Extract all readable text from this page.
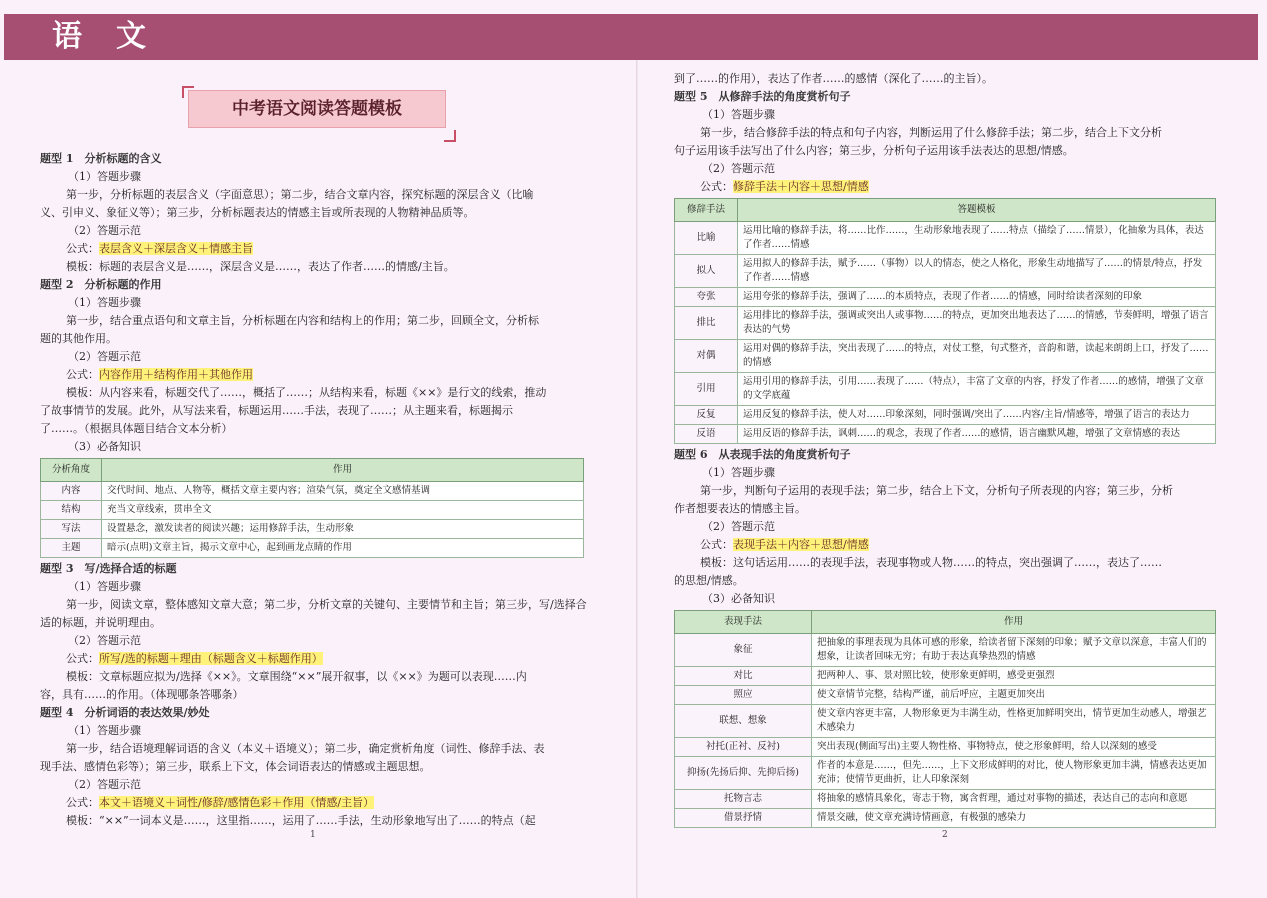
语文
中考语文阅读答题模板

题型 1　分析标题的含义

（1）答题步骤

第一步，分析标题的表层含义（字面意思）；第二步，结合文章内容，探究标题的深层含义（比喻

义、引申义、象征义等）；第三步，分析标题表达的情感主旨或所表现的人物精神品质等。

（2）答题示范

公式：表层含义＋深层含义＋情感主旨

模板：标题的表层含义是……，深层含义是……，表达了作者……的情感/主旨。

题型 2　分析标题的作用

（1）答题步骤

第一步，结合重点语句和文章主旨，分析标题在内容和结构上的作用；第二步，回顾全文，分析标

题的其他作用。

（2）答题示范

公式：内容作用＋结构作用＋其他作用

模板：从内容来看，标题交代了……，概括了……；从结构来看，标题《××》是行文的线索，推动

了故事情节的发展。此外，从写法来看，标题运用……手法，表现了……；从主题来看，标题揭示

了……。（根据具体题目结合文本分析）

（3）必备知识

分析角度	作用
内容	交代时间、地点、人物等，概括文章主要内容；渲染气氛，奠定全文感情基调
结构	充当文章线索，贯串全文
写法	设置悬念，激发读者的阅读兴趣；运用修辞手法，生动形象
主题	暗示(点明)文章主旨，揭示文章中心，起到画龙点睛的作用

题型 3　写/选择合适的标题

（1）答题步骤

第一步，阅读文章，整体感知文章大意；第二步，分析文章的关键句、主要情节和主旨；第三步，写/选择合

适的标题，并说明理由。

（2）答题示范

公式：所写/选的标题＋理由（标题含义＋标题作用）

模板：文章标题应拟为/选择《××》。文章围绕“××”展开叙事，以《××》为题可以表现……内

容，具有……的作用。（体现哪条答哪条）

题型 4　分析词语的表达效果/妙处

（1）答题步骤

第一步，结合语境理解词语的含义（本义＋语境义）；第二步，确定赏析角度（词性、修辞手法、表

现手法、感情色彩等）；第三步，联系上下文，体会词语表达的情感或主题思想。

（2）答题示范

公式：本文＋语境义＋词性/修辞/感情色彩＋作用（情感/主旨）

模板：“××”一词本义是……，这里指……，运用了……手法，生动形象地写出了……的特点（起

1

到了……的作用），表达了作者……的感情（深化了……的主旨）。

题型 5　从修辞手法的角度赏析句子

（1）答题步骤

第一步，结合修辞手法的特点和句子内容，判断运用了什么修辞手法；第二步，结合上下文分析

句子运用该手法写出了什么内容；第三步，分析句子运用该手法表达的思想/情感。

（2）答题示范

公式：修辞手法＋内容＋思想/情感

修辞手法	答题模板
比喻	运用比喻的修辞手法，将……比作……，生动形象地表现了……特点（描绘了……情景），化抽象为具体，表达了作者……情感
拟人	运用拟人的修辞手法，赋予……（事物）以人的情态，使之人格化，形象生动地描写了……的情景/特点，抒发了作者……情感
夸张	运用夸张的修辞手法，强调了……的本质特点，表现了作者……的情感，同时给读者深刻的印象
排比	运用排比的修辞手法，强调或突出人或事物……的特点，更加突出地表达了……的情感，节奏鲜明，增强了语言表达的气势
对偶	运用对偶的修辞手法，突出表现了……的特点，对仗工整，句式整齐，音韵和谐，读起来朗朗上口，抒发了……的情感
引用	运用引用的修辞手法，引用……表现了……（特点），丰富了文章的内容，抒发了作者……的感情，增强了文章的文学底蕴
反复	运用反复的修辞手法，使人对……印象深刻，同时强调/突出了……内容/主旨/情感等，增强了语言的表达力
反语	运用反语的修辞手法，讽刺……的观念，表现了作者……的感情，语言幽默风趣，增强了文章情感的表达

题型 6　从表现手法的角度赏析句子

（1）答题步骤

第一步，判断句子运用的表现手法；第二步，结合上下文，分析句子所表现的内容；第三步，分析

作者想要表达的情感主旨。

（2）答题示范

公式：表现手法＋内容＋思想/情感

模板：这句话运用……的表现手法，表现事物或人物……的特点，突出强调了……，表达了……

的思想/情感。

（3）必备知识

表现手法	作用
象征	把抽象的事理表现为具体可感的形象，给读者留下深刻的印象；赋予文章以深意，丰富人们的想象，让读者回味无穷；有助于表达真挚热烈的情感
对比	把两种人、事、景对照比较，使形象更鲜明，感受更强烈
照应	使文章情节完整，结构严谨，前后呼应，主题更加突出
联想、想象	使文章内容更丰富，人物形象更为丰满生动，性格更加鲜明突出，情节更加生动感人，增强艺术感染力
衬托(正衬、反衬)	突出表现(侧面写出)主要人物性格、事物特点，使之形象鲜明，给人以深刻的感受
抑扬(先扬后抑、先抑后扬)	作者的本意是……，但先……，上下文形成鲜明的对比，使人物形象更加丰满，情感表达更加充沛；使情节更曲折，让人印象深刻
托物言志	将抽象的感情具象化，寄志于物，寓含哲理，通过对事物的描述，表达自己的志向和意愿
借景抒情	情景交融，使文章充满诗情画意，有极强的感染力
2
